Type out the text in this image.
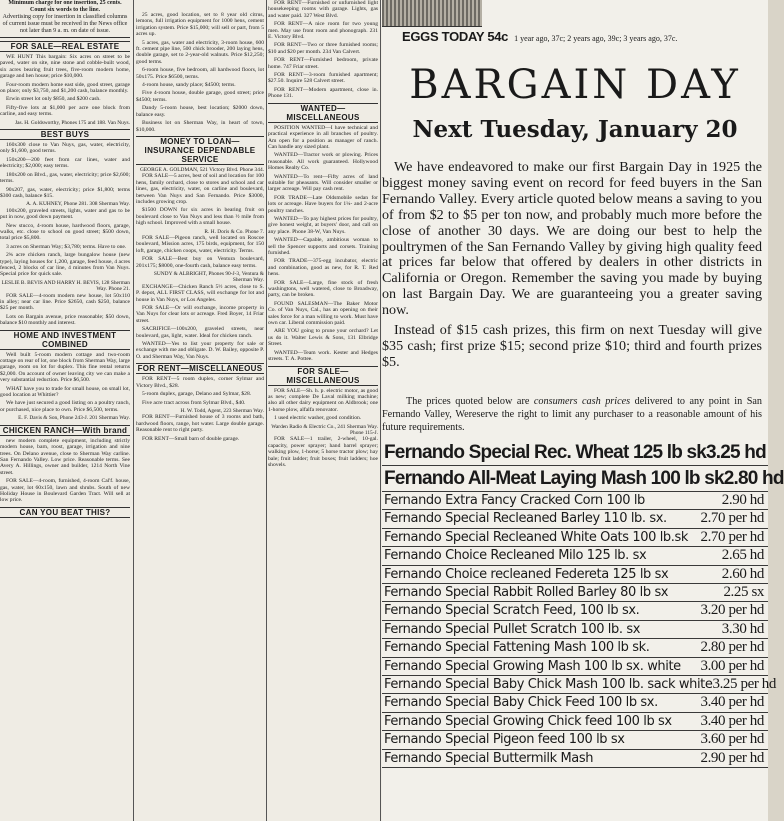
Minimum charge for one insertion, 25 cents.
Count six words to the line.
Advertising copy for insertion in classified columns of current issue must be received in the News office not later than 9 a. m. on date of issue.
FOR SALE—REAL ESTATE

WE HUNT This bargain: Six acres on street to be paved, water on site, nine stone and cobble-built wood, six acres bearing fruit trees, five-room modern home, garage and hen house; price $10,000.

Four-room modern home east side, good street, garage on place; only $3,750, and $1,200 cash, balance monthly.

Erwin street lot only $850, and $200 cash.

Fifty-five lots at $1,000 per acre one block from carline, and easy terms.

Jas. H. Goldsworthy, Phones 175 and 188. Van Nuys.
BEST BUYS

160x300 close to Van Nuys, gas, water, electricity, only $1,600, good terms.

150x200—200 feet from car lines, water and electricity; $2,000; easy terms.

180x200 on Blvd., gas, water, electricity; price $2,600; terms.

90x207, gas, water, electricity; price $1,800; terms $300 cash, balance $15.

A. A. KUHNEY, Phone 281. 308 Sherman Way.

100x200, graveled streets, lights, water and gas to be put in now, good down payment.

New stucco, 4-room house, hardwood floors, garage, walks, etc. close to school on good street; $500 down, total price $5,800.

3 acres on Sherman Way; $3,780; terms. Have to one.

2¾ acre chicken ranch, large bungalow house (new type), laying houses for 1,200, garage, feed house, 4 acres fenced, 2 blocks of car line, 4 minutes from Van Nuys. Special price for quick sale.

LESLIE B. BEVIS AND HARRY H. BEVIS, 128 Sherman Way. Phone 21.

FOR SALE—4-room modern new house, lot 50x110 in alley; near car line. Price $2650, cash $250, balance $25 per month.

Lots on Bargain avenue, price reasonable; $50 down, balance $10 monthly and interest.

HOME AND INVESTMENT COMBINED

Well built 5-room modern cottage and two-room cottage on rear of lot, one block from Sherman Way, large garage, room on lot for duplex. This fine rental returns $2,000. On account of owner leaving city we can make a very substantial reduction. Price $6,500.

WHAT have you to trade for small house, on small lot, good location at Whittier?

We have just secured a good listing on a poultry ranch, or purchased, nice place to own. Price $6,500, terms.

E. F. Davis & Son, Phone 243-J. 201 Sherman Way.
CHICKEN RANCH—With brand

new modern complete equipment, including strictly modern house, barn, roost, garage, irrigation and nine trees. On Delano avenue, close to Sherman Way carline. San Fernando Valley. Low price. Reasonable terms. See Avery A. Hillings, owner and builder, 1214 North Vine street.

FOR SALE—4-room, furnished, 4-room Cal'f. house, gas, water, lot 60x150, lawn and shrubs. South of new Holiday House in Boulevard Garden Tract. Will sell at low price.

CAN YOU BEAT THIS?

25 acres, good location, set to 8 year old citrus, lemons, full irrigation equipment for 1000 hens, cement irrigation system. Price $15,000; will sell or part, from 5 acres up.

5 acres, gas, water and electricity, 3-room house, 600 ft. cement pipe line, 500 chick brooder, 200 laying hens, double garage, set to 2-year-old walnuts. Price $12,250; good terms.

6-room house, five bedroom, all hardwood floors, lot 50x175. Price $6500, terms.

4-room house, sandy place; $4500; terms.

Five 4-room house, double garage, good street; price $4500; terms.

Dandy 5-room house, best location; $2000 down, balance easy.

Business lot on Sherman Way, in heart of town, $10,000.

MONEY TO LOAN—INSURANCE DEPENDABLE SERVICE
GEORGE A. GOLDMAN, 521 Victory Blvd. Phone 344.

FOR SALE—5 acres, best of soil and location for 100 hens, family orchard, close to stores and school and car lines, gas, electricity, water, on carline and boulevard, between Van Nuys and San Fernando. Price $3000, includes growing crop.

$1500 DOWN for six acres in bearing fruit on boulevard close to Van Nuys and less than ½ mile from high school. Improved with a small house.

R. H. Doris & Co. Phone 7.

FOR SALE—Pigeon ranch, well located on Roscoe boulevard, Mission acres, 175 birds, equipment, for 150 loft, garage, chicken coops, water, electricity. Terms.

FOR SALE—Best buy on Ventura boulevard, 201x175; $8000, one-fourth cash, balance easy terms.

SUNDY & ALBRIGHT, Phones 90-J-3, Ventura & Sherman Way.

EXCHANGE—Chicken Ranch 5½ acres, close to S. P. depot, ALL FIRST CLASS, will exchange for lot and house in Van Nuys, or Los Angeles.

FOR SALE—Or will exchange, income property in Van Nuys for clear lots or acreage. Fred Boyer, 14 Friar street.

SACRIFICE—100x200, graveled streets, near boulevard, gas, light, water. Ideal for chicken ranch.

WANTED—Yes to list your property for sale or exchange with me and obligate. D. W. Bailey, opposite P. O. and Sherman Way, Van Nuys.

FOR RENT—MISCELLANEOUS

FOR RENT—5 room duplex, corner Sylmar and Victory Blvd., $28.

5-room duplex, garage, Delano and Sylmar, $28.

Five acre tract across from Sylmar Blvd., $40.

H. W. Todd, Agent, 223 Sherman Way.

FOR RENT—Furnished house of 3 rooms and bath, hardwood floors, range, hot water. Large double garage. Reasonable rent to right party.

FOR RENT—Small barn of double garage.

FOR RENT—Furnished or unfurnished light housekeeping rooms with garage. Lights, gas and water paid. 327 West Blvd.

FOR RENT—A nice room for two young men. May use front room and phonograph. 231 E. Victory Blvd.

FOR RENT—Two or three furnished rooms; $10 and $20 per month. 234 Van Calvert.

FOR RENT—Furnished bedroom, private home. 747 Friar street.

FOR RENT—3-room furnished apartment; $27.50. Inquire 528 Calvert street.

FOR RENT—Modern apartment, close in. Phone 131.

WANTED—MISCELLANEOUS

POSITION WANTED—I have technical and practical experience in all branches of poultry. Am open for a position as manager of ranch. Can handle any sized plant.

WANTED—Tractor work or plowing. Prices reasonable. All work guaranteed. Hollywood Homes Realty Co.

WANTED—To rent—Fifty acres of land suitable for pheasants. Will consider smaller or larger acreage. Will pay cash rent.

FOR TRADE—Late Oldsmobile sedan for lots or acreage. Have buyers for 1¼- and 2-acre poultry ranches.

WANTED—To pay highest prices for poultry, give honest weight, at buyers' door, and call on any place. Phone 38-W, Van Nuys.

WANTED—Capable, ambitious woman to sell the Spencer supports and corsets. Training furnished.

FOR TRADE—375-egg incubator, electric and combination, good as new, for R. T. Red hens.

FOR SALE—Large, fine stock of fresh washingtons, well watered, close to Broadway, party, can be broken.

FOUND SALESMAN—The Baker Motor Co. of Van Nuys, Cal., has an opening on their sales force for a man willing to work. Must have own car. Liberal commission paid.

ARE YOU going to prune your orchard? Let us do it. Walter Lewis & Sons, 131 Elbridge Street.

WANTED—Team work. Kester and Hedges streets. T. A. Pottee.

FOR SALE—MISCELLANEOUS

FOR SALE—Sh. h. p. electric motor, as good as new; complete De Laval milking machine; also all other dairy equipment on Aldbrook; one 1-horse plow, alfalfa renovator.

1 used electric washer, good condition.

Warden Radio & Electric Co., 241 Sherman Way. Phone 115-J.

FOR SALE—1 trailer, 2-wheel, 10-gal. capacity, power sprayer; hand barrel sprayer; walking plow, 1-horse; 5 horse tractor plow; hay bale; fruit ladder; fruit boxes; fruit ladders; hoe shovels.

EGGS TODAY 54c 1 year ago, 37c; 2 years ago, 39c; 3 years ago, 37c.
BARGAIN DAY
Next Tuesday, January 20

We have endeavored to make our first Bargain Day in 1925 the biggest money saving event on record for feed buyers in the San Fernando Valley. Every article quoted below means a saving to you of from $2 to $5 per ton now, and probably much more before the close of another 30 days. We are doing our best to help the poultrymen of the San Fernando Valley by giving high quality feed at prices far below that offered by dealers in other districts in California or Oregon. Remember the saving you made by buying on last Bargain Day. We are guaranteeing you a greater saving now.

Instead of $15 cash prizes, this firm on next Tuesday will give $35 cash; first prize $15; second prize $10; third and fourth prizes $5.

The prices quoted below are consumers cash prices delivered to any point in San Fernando Valley, Wereserve the right to limit any purchaser to a reasonable amount of his future requirements.
Fernando Special Rec. Wheat 125 lb sk 3.25 hd
Fernando All-Meat Laying Mash 100 lb sk 2.80 hd
Fernando Extra Fancy Cracked Corn 100 lb	2.90 hd
Fernando Special Recleaned Barley 110 lb. sx. 2.70 per hd
Fernando Special Recleaned White Oats 100 lb.sk 2.70 per hd
Fernando Choice Recleaned Milo 125 lb. sx	2.65 hd
Fernando Choice recleaned Federeta 125 lb sx	2.60 hd
Fernando Special Rabbit Rolled Barley 80 lb sx	2.25 sx
Fernando Special Scratch Feed, 100 lb sx.	3.20 per hd
Fernando Special Pullet Scratch 100 lb. sx	3.30 hd
Fernando Special Fattening Mash 100 lb sk.	2.80 per hd
Fernando Special Growing Mash 100 lb sx. white 3.00 per hd
Fernando Special Baby Chick Mash 100 lb. sack white 3.25 per hd
Fernando Special Baby Chick Feed 100 lb sx.	3.40 per hd
Fernando Special Growing Chick feed 100 lb sx 3.40 per hd
Fernando Special Pigeon feed 100 lb sx	3.60 per hd
Fernando Special Buttermilk Mash	2.90 per hd
